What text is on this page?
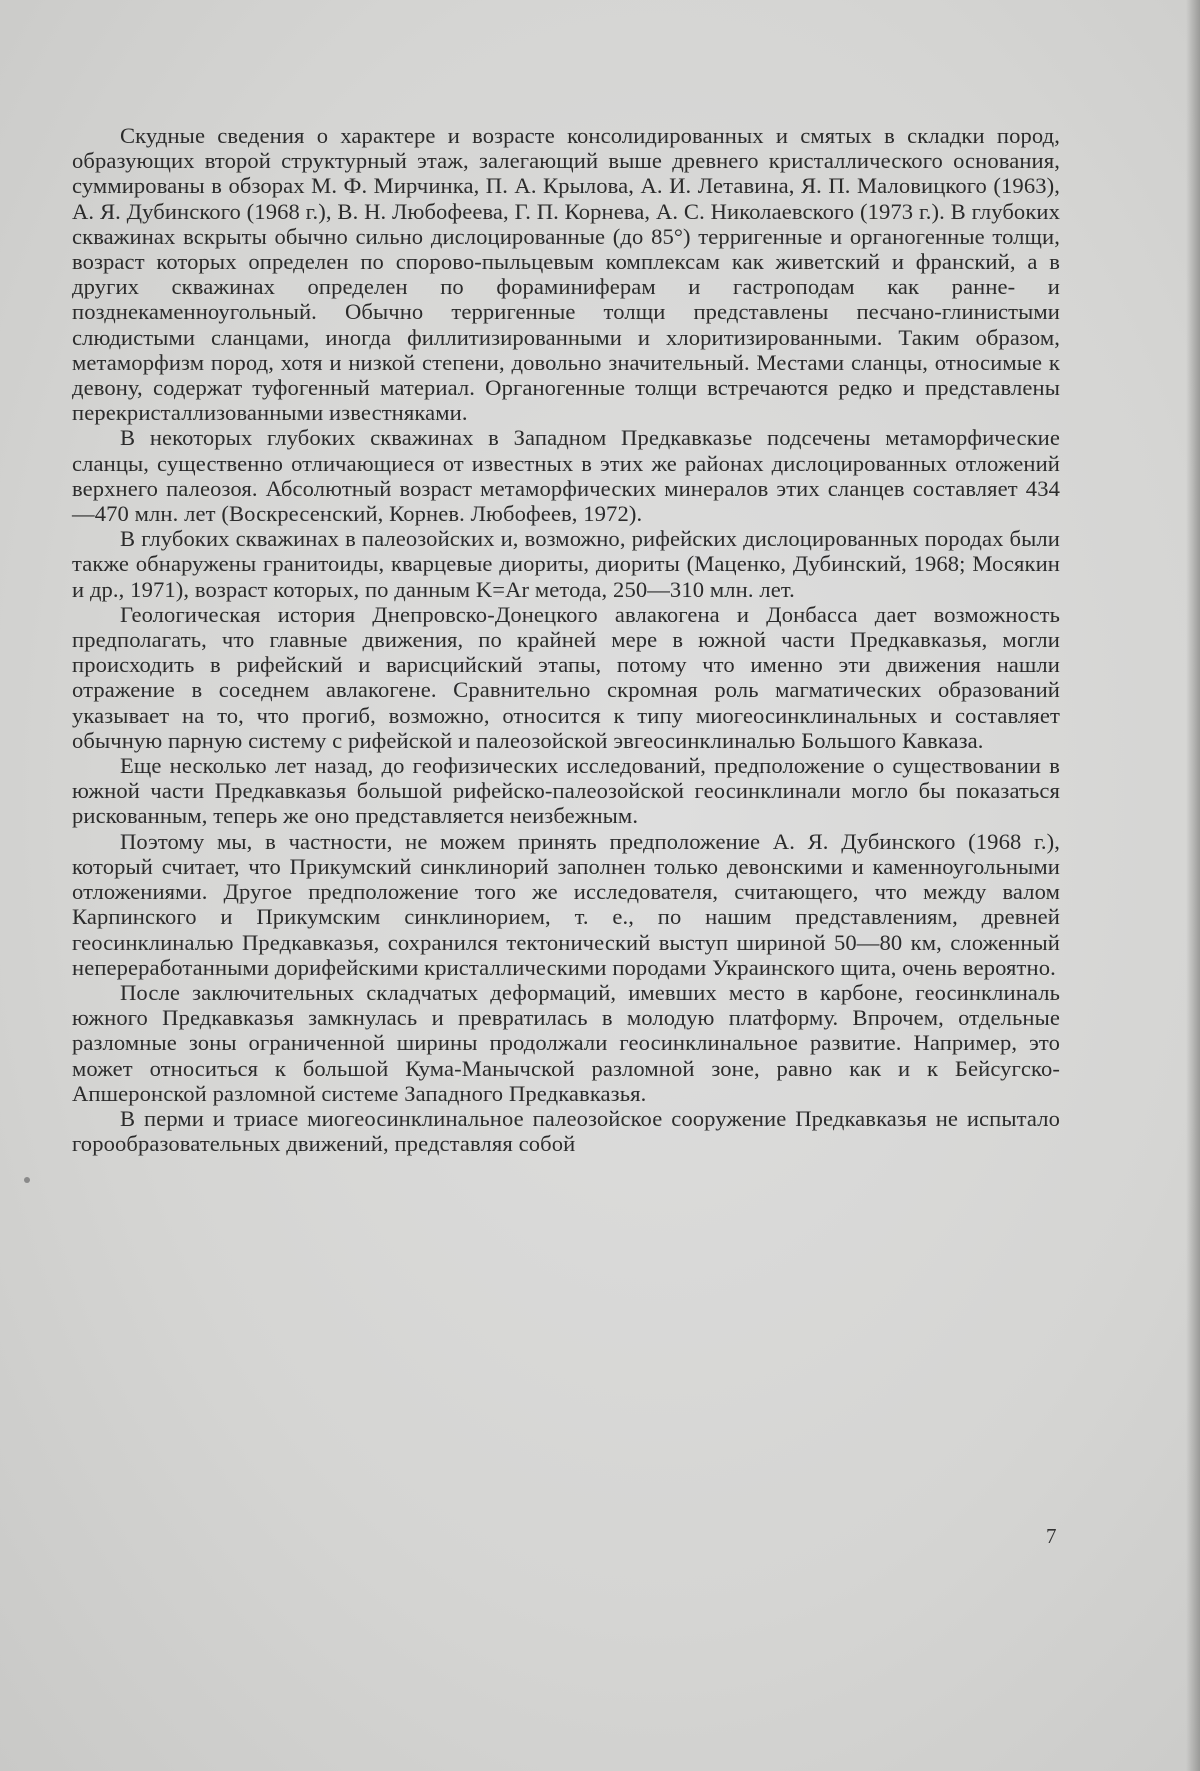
Скудные сведения о характере и возрасте консолидированных и смятых в складки пород, образующих второй структурный этаж, залегающий выше древнего кристаллического основания, суммированы в обзорах М. Ф. Мирчинка, П. А. Крылова, А. И. Летавина, Я. П. Маловицкого (1963), А. Я. Дубинского (1968 г.), В. Н. Любофеева, Г. П. Корнева, А. С. Николаевского (1973 г.). В глубоких скважинах вскрыты обычно сильно дислоцированные (до 85°) терригенные и органогенные толщи, возраст которых определен по спорово-пыльцевым комплексам как живетский и франский, а в других скважинах определен по фораминиферам и гастроподам как ранне- и позднекаменноугольный. Обычно терригенные толщи представлены песчано-глинистыми слюдистыми сланцами, иногда филлитизированными и хлоритизированными. Таким образом, метаморфизм пород, хотя и низкой степени, довольно значительный. Местами сланцы, относимые к девону, содержат туфогенный материал. Органогенные толщи встречаются редко и представлены перекристаллизованными известняками.

В некоторых глубоких скважинах в Западном Предкавказье подсечены метаморфические сланцы, существенно отличающиеся от известных в этих же районах дислоцированных отложений верхнего палеозоя. Абсолютный возраст метаморфических минералов этих сланцев составляет 434—470 млн. лет (Воскресенский, Корнев. Любофеев, 1972).

В глубоких скважинах в палеозойских и, возможно, рифейских дислоцированных породах были также обнаружены гранитоиды, кварцевые диориты, диориты (Маценко, Дубинский, 1968; Мосякин и др., 1971), возраст которых, по данным K=Ar метода, 250—310 млн. лет.

Геологическая история Днепровско-Донецкого авлакогена и Донбасса дает возможность предполагать, что главные движения, по крайней мере в южной части Предкавказья, могли происходить в рифейский и варисцийский этапы, потому что именно эти движения нашли отражение в соседнем авлакогене. Сравнительно скромная роль магматических образований указывает на то, что прогиб, возможно, относится к типу миогеосинклинальных и составляет обычную парную систему с рифейской и палеозойской эвгеосинклиналью Большого Кавказа.

Еще несколько лет назад, до геофизических исследований, предположение о существовании в южной части Предкавказья большой рифейско-палеозойской геосинклинали могло бы показаться рискованным, теперь же оно представляется неизбежным.

Поэтому мы, в частности, не можем принять предположение А. Я. Дубинского (1968 г.), который считает, что Прикумский синклинорий заполнен только девонскими и каменноугольными отложениями. Другое предположение того же исследователя, считающего, что между валом Карпинского и Прикумским синклинорием, т. е., по нашим представлениям, древней геосинклиналью Предкавказья, сохранился тектонический выступ шириной 50—80 км, сложенный непереработанными дорифейскими кристаллическими породами Украинского щита, очень вероятно.

После заключительных складчатых деформаций, имевших место в карбоне, геосинклиналь южного Предкавказья замкнулась и превратилась в молодую платформу. Впрочем, отдельные разломные зоны ограниченной ширины продолжали геосинклинальное развитие. Например, это может относиться к большой Кума-Манычской разломной зоне, равно как и к Бейсугско-Апшеронской разломной системе Западного Предкавказья.

В перми и триасе миогеосинклинальное палеозойское сооружение Предкавказья не испытало горообразовательных движений, представляя собой

7
